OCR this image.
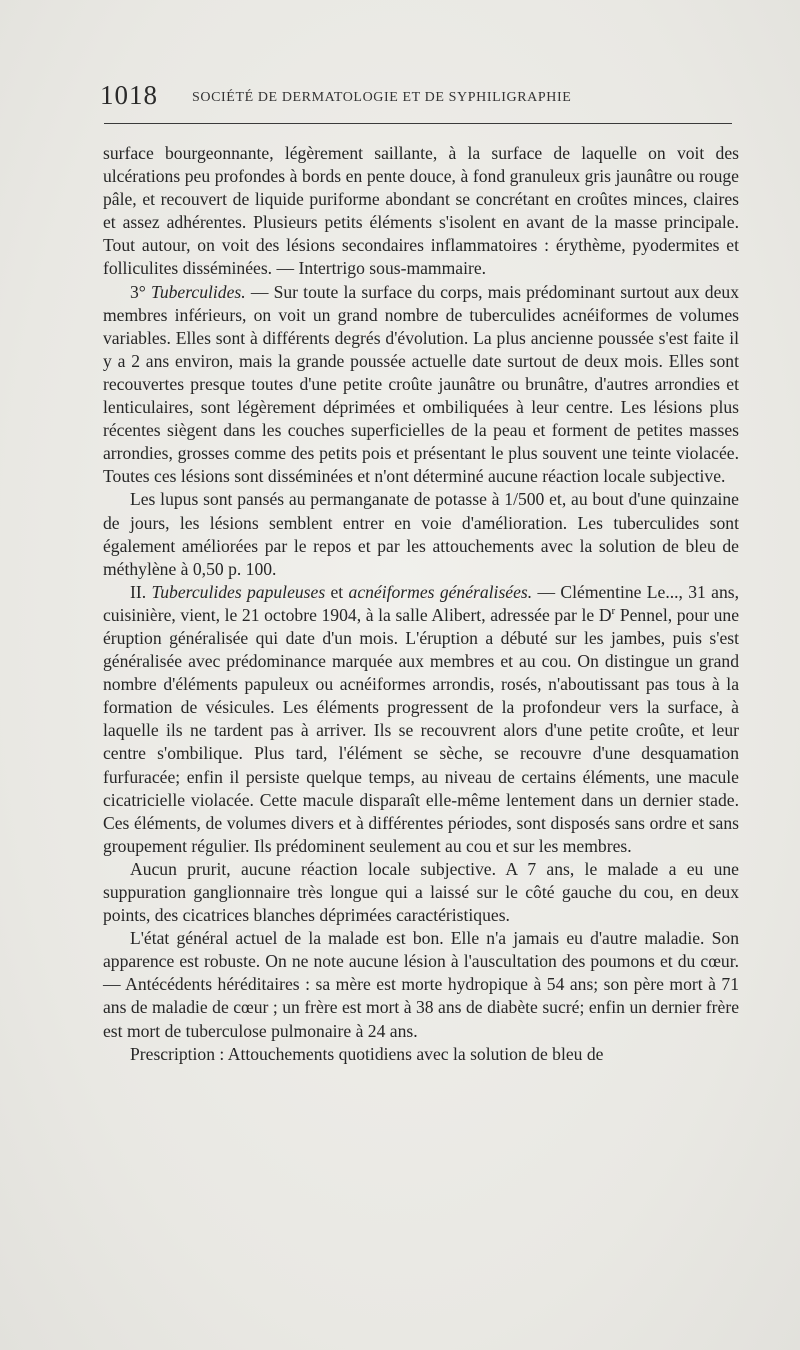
1018 SOCIÉTÉ DE DERMATOLOGIE ET DE SYPHILIGRAPHIE

surface bourgeonnante, légèrement saillante, à la surface de laquelle on voit des ulcérations peu profondes à bords en pente douce, à fond granuleux gris jaunâtre ou rouge pâle, et recouvert de liquide puriforme abondant se concrétant en croûtes minces, claires et assez adhérentes. Plusieurs petits éléments s'isolent en avant de la masse principale. Tout autour, on voit des lésions secondaires inflammatoires : érythème, pyodermites et folliculites disséminées. — Intertrigo sous-mammaire.

3° Tuberculides. — Sur toute la surface du corps, mais prédominant surtout aux deux membres inférieurs, on voit un grand nombre de tuberculides acnéiformes de volumes variables. Elles sont à différents degrés d'évolution. La plus ancienne poussée s'est faite il y a 2 ans environ, mais la grande poussée actuelle date surtout de deux mois. Elles sont recouvertes presque toutes d'une petite croûte jaunâtre ou brunâtre, d'autres arrondies et lenticulaires, sont légèrement déprimées et ombiliquées à leur centre. Les lésions plus récentes siègent dans les couches superficielles de la peau et forment de petites masses arrondies, grosses comme des petits pois et présentant le plus souvent une teinte violacée. Toutes ces lésions sont disséminées et n'ont déterminé aucune réaction locale subjective.

Les lupus sont pansés au permanganate de potasse à 1/500 et, au bout d'une quinzaine de jours, les lésions semblent entrer en voie d'amélioration. Les tuberculides sont également améliorées par le repos et par les attouchements avec la solution de bleu de méthylène à 0,50 p. 100.

II. Tuberculides papuleuses et acnéiformes généralisées. — Clémentine Le..., 31 ans, cuisinière, vient, le 21 octobre 1904, à la salle Alibert, adressée par le $D^r$ Pennel, pour une éruption généralisée qui date d'un mois. L'éruption a débuté sur les jambes, puis s'est généralisée avec prédominance marquée aux membres et au cou. On distingue un grand nombre d'éléments papuleux ou acnéiformes arrondis, rosés, n'aboutissant pas tous à la formation de vésicules. Les éléments progressent de la profondeur vers la surface, à laquelle ils ne tardent pas à arriver. Ils se recouvrent alors d'une petite croûte, et leur centre s'ombilique. Plus tard, l'élément se sèche, se recouvre d'une desquamation furfuracée; enfin il persiste quelque temps, au niveau de certains éléments, une macule cicatricielle violacée. Cette macule disparaît elle-même lentement dans un dernier stade. Ces éléments, de volumes divers et à différentes périodes, sont disposés sans ordre et sans groupement régulier. Ils prédominent seulement au cou et sur les membres.

Aucun prurit, aucune réaction locale subjective. A 7 ans, le malade a eu une suppuration ganglionnaire très longue qui a laissé sur le côté gauche du cou, en deux points, des cicatrices blanches déprimées caractéristiques.

L'état général actuel de la malade est bon. Elle n'a jamais eu d'autre maladie. Son apparence est robuste. On ne note aucune lésion à l'auscultation des poumons et du cœur. — Antécédents héréditaires : sa mère est morte hydropique à 54 ans; son père mort à 71 ans de maladie de cœur ; un frère est mort à 38 ans de diabète sucré; enfin un dernier frère est mort de tuberculose pulmonaire à 24 ans.

Prescription : Attouchements quotidiens avec la solution de bleu de
